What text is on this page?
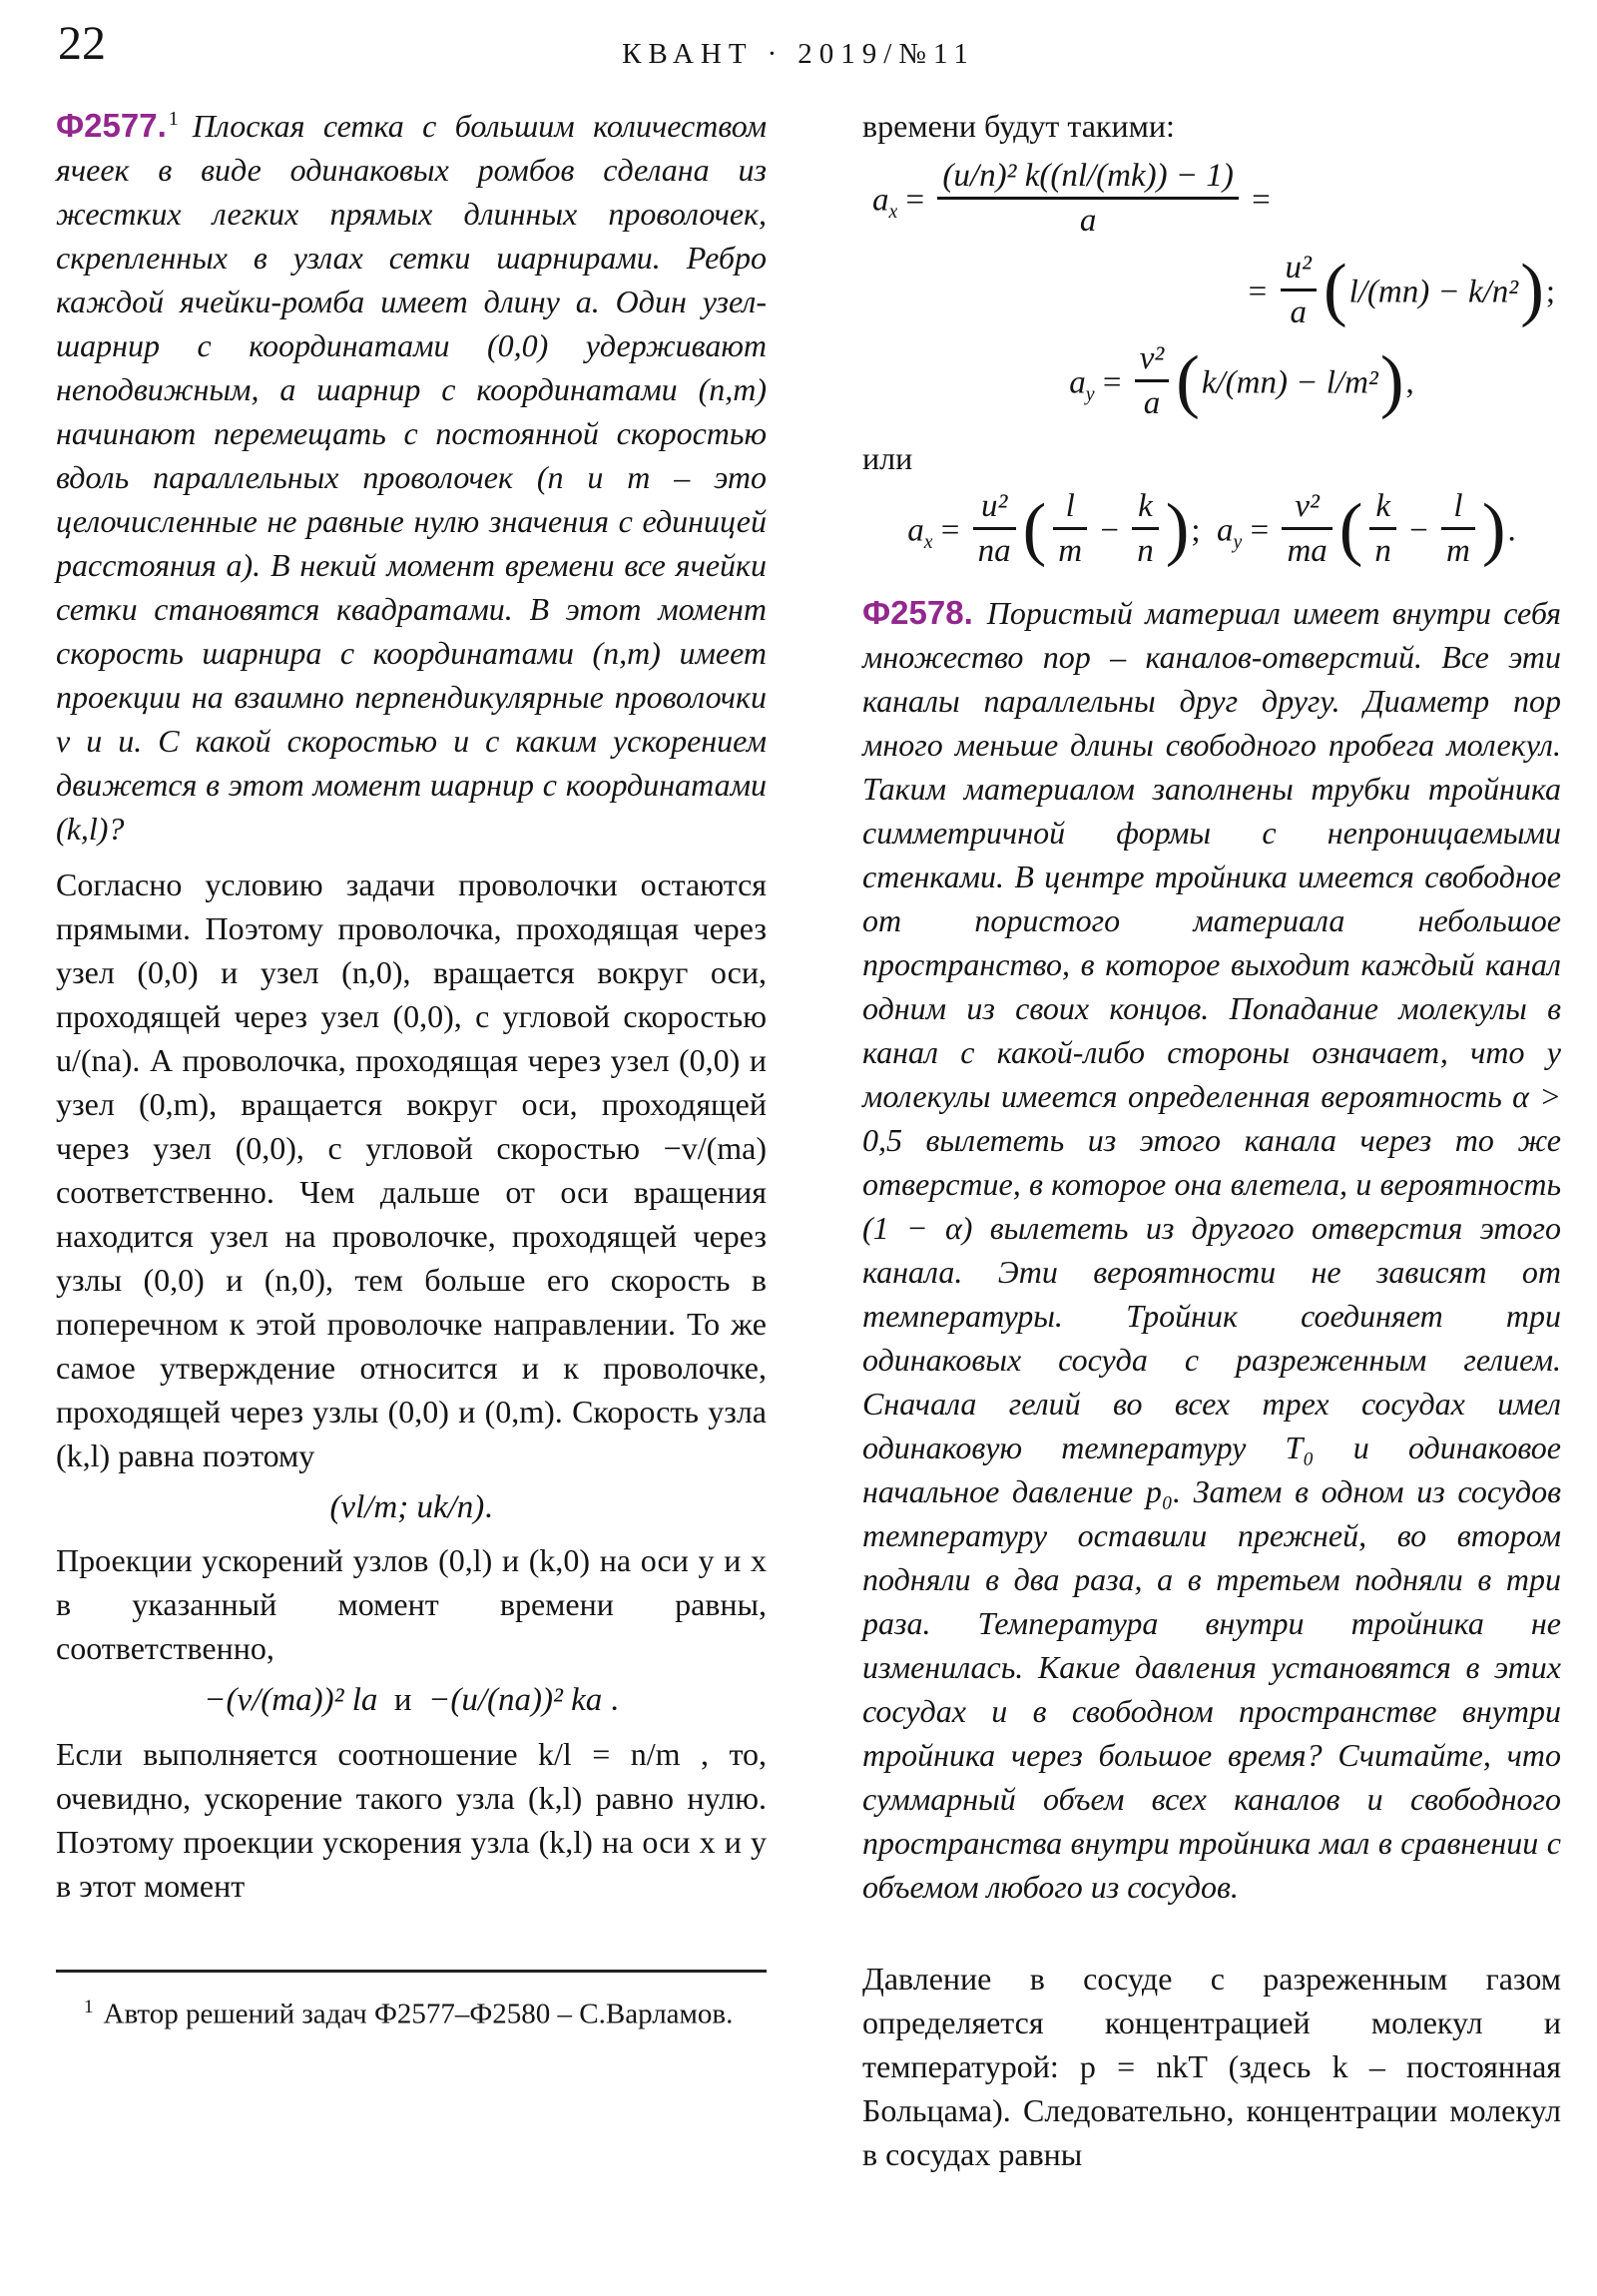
22	КВАНТ · 2019/№11

Ф2577. $^1$ Плоская сетка с большим количеством ячеек в виде одинаковых ромбов сделана из жестких легких прямых длинных проволочек, скрепленных в узлах сетки шарнирами. Ребро каждой ячейки-ромба имеет длину a. Один узел-шарнир с координатами (0,0) удерживают неподвижным, а шарнир с координатами (n,m) начинают перемещать с постоянной скоростью вдоль параллельных проволочек (n и m – это целочисленные не равные нулю значения с единицей расстояния a). В некий момент времени все ячейки сетки становятся квадратами. В этот момент скорость шарнира с координатами (n,m) имеет проекции на взаимно перпендикулярные проволочки v и u. С какой скоростью и с каким ускорением движется в этот момент шарнир с координатами (k,l)?

Согласно условию задачи проволочки остаются прямыми. Поэтому проволочка, проходящая через узел (0,0) и узел (n,0), вращается вокруг оси, проходящей через узел (0,0), с угловой скоростью u/(na). А проволочка, проходящая через узел (0,0) и узел (0,m), вращается вокруг оси, проходящей через узел (0,0), с угловой скоростью −v/(ma) соответственно. Чем дальше от оси вращения находится узел на проволочке, проходящей через узлы (0,0) и (n,0), тем больше его скорость в поперечном к этой проволочке направлении. То же самое утверждение относится и к проволочке, проходящей через узлы (0,0) и (0,m). Скорость узла (k,l) равна поэтому

(vl/m; uk/n).

Проекции ускорений узлов (0,l) и (k,0) на оси y и x в указанный момент времени равны, соответственно,

−(v/(ma))² la  и  −(u/(na))² ka .

Если выполняется соотношение k/l = n/m , то, очевидно, ускорение такого узла (k,l) равно нулю. Поэтому проекции ускорения узла (k,l) на оси x и y в этот момент

$^1$ Автор решений задач Ф2577–Ф2580 – С.Варламов.

времени будут такими:

$a_x = \frac{\text{(u/n)² k((nl/(mk)) − 1)}}{a}$ =
= $\frac{\text{u²}}{a} (l/(mn) - k/n^2)$;
$a_y = \frac{\text{v²}}{a} (k/(mn) - l/m^2)$,

или

$a_x = \frac{\text{u²}}{na}$ ( $\frac{l}{m} - \frac{k}{n}$ );  $a_y = \frac{\text{v²}}{ma}$ ( $\frac{k}{n} - \frac{l}{m}$ ).

Ф2578. Пористый материал имеет внутри себя множество пор – каналов-отверстий. Все эти каналы параллельны друг другу. Диаметр пор много меньше длины свободного пробега молекул. Таким материалом заполнены трубки тройника симметричной формы с непроницаемыми стенками. В центре тройника имеется свободное от пористого материала небольшое пространство, в которое выходит каждый канал одним из своих концов. Попадание молекулы в канал с какой-либо стороны означает, что у молекулы имеется определенная вероятность α > 0,5 вылететь из этого канала через то же отверстие, в которое она влетела, и вероятность (1 − α) вылететь из другого отверстия этого канала. Эти вероятности не зависят от температуры. Тройник соединяет три одинаковых сосуда с разреженным гелием. Сначала гелий во всех трех сосудах имел одинаковую температуру T₀ и одинаковое начальное давление p₀. Затем в одном из сосудов температуру оставили прежней, во втором подняли в два раза, а в третьем подняли в три раза. Температура внутри тройника не изменилась. Какие давления установятся в этих сосудах и в свободном пространстве внутри тройника через большое время? Считайте, что суммарный объем всех каналов и свободного пространства внутри тройника мал в сравнении с объемом любого из сосудов.

Давление в сосуде с разреженным газом определяется концентрацией молекул и температурой: p = nkT (здесь k – постоянная Больцама). Следовательно, концентрации молекул в сосудах равны
